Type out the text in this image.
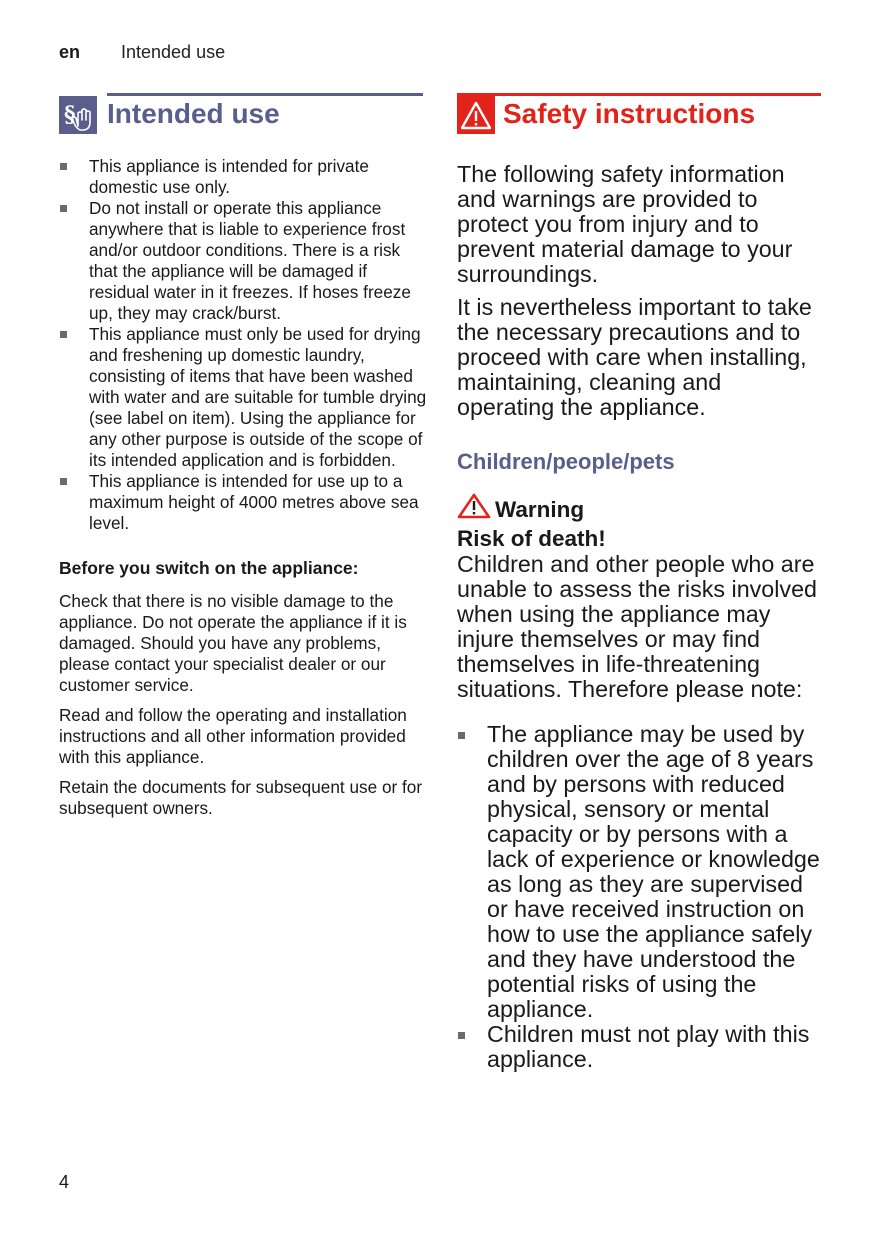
en Intended use
§ Intended use
This appliance is intended for private domestic use only.
Do not install or operate this appliance anywhere that is liable to experience frost and/or outdoor conditions. There is a risk that the appliance will be damaged if residual water in it freezes. If hoses freeze up, they may crack/burst.
This appliance must only be used for drying and freshening up domestic laundry, consisting of items that have been washed with water and are suitable for tumble drying (see label on item). Using the appliance for any other purpose is outside of the scope of its intended application and is forbidden.
This appliance is intended for use up to a maximum height of 4000 metres above sea level.
Before you switch on the appliance:

Check that there is no visible damage to the appliance. Do not operate the appliance if it is damaged. Should you have any problems, please contact your specialist dealer or our customer service.

Read and follow the operating and installation instructions and all other information provided with this appliance.

Retain the documents for subsequent use or for subsequent owners.

Safety instructions

The following safety information and warnings are provided to protect you from injury and to prevent material damage to your surroundings.

It is nevertheless important to take the necessary precautions and to proceed with care when installing, maintaining, cleaning and operating the appliance.

Children/people/pets
Warning
Risk of death!

Children and other people who are unable to assess the risks involved when using the appliance may injure themselves or may find themselves in life-threatening situations. Therefore please note:

The appliance may be used by children over the age of 8 years and by persons with reduced physical, sensory or mental capacity or by persons with a lack of experience or knowledge as long as they are supervised or have received instruction on how to use the appliance safely and they have understood the potential risks of using the appliance.
Children must not play with this appliance.
4
